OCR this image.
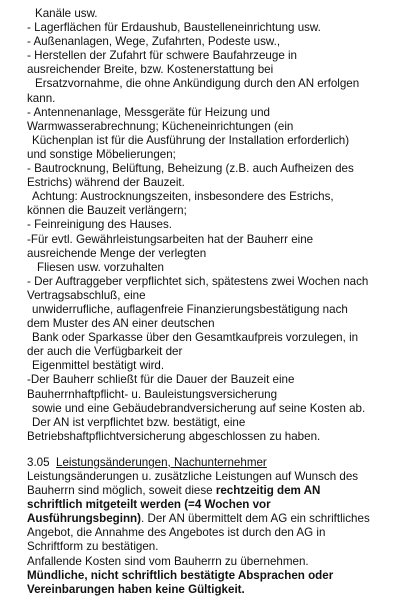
Kanäle usw.
- Lagerflächen für Erdaushub, Baustelleneinrichtung usw.
- Außenanlagen, Wege, Zufahrten, Podeste usw.,
- Herstellen der Zufahrt für schwere Baufahrzeuge in
ausreichender Breite, bzw. Kostenerstattung bei
Ersatzvornahme, die ohne Ankündigung durch den AN erfolgen
kann.
- Antennenanlage, Messgeräte für Heizung und
Warmwasserabrechnung; Kücheneinrichtungen (ein
Küchenplan ist für die Ausführung der Installation erforderlich)
und sonstige Möbelierungen;
- Bautrocknung, Belüftung, Beheizung (z.B. auch Aufheizen des
Estrichs) während der Bauzeit.
Achtung: Austrocknungszeiten, insbesondere des Estrichs,
können die Bauzeit verlängern;
- Feinreinigung des Hauses.
-Für evtl. Gewährleistungsarbeiten hat der Bauherr eine
ausreichende Menge der verlegten
Fliesen usw. vorzuhalten
- Der Auftraggeber verpflichtet sich, spätestens zwei Wochen nach
Vertragsabschluß, eine
unwiderrufliche, auflagenfreie Finanzierungsbestätigung nach
dem Muster des AN einer deutschen
Bank oder Sparkasse über den Gesamtkaufpreis vorzulegen, in
der auch die Verfügbarkeit der
Eigenmittel bestätigt wird.
-Der Bauherr schließt für die Dauer der Bauzeit eine
Bauherrnhaftpflicht- u. Bauleistungsversicherung
sowie und eine Gebäudebrandversicherung auf seine Kosten ab.
Der AN ist verpflichtet bzw. bestätigt, eine
Betriebshaftpflichtversicherung abgeschlossen zu haben.
3.05 Leistungsänderungen, Nachunternehmer
Leistungsänderungen u. zusätzliche Leistungen auf Wunsch des
Bauherrn sind möglich, soweit diese rechtzeitig dem AN
schriftlich mitgeteilt werden (=4 Wochen vor
Ausführungsbeginn). Der AN übermittelt dem AG ein schriftliches
Angebot, die Annahme des Angebotes ist durch den AG in
Schriftform zu bestätigen.
Anfallende Kosten sind vom Bauherrn zu übernehmen.
Mündliche, nicht schriftlich bestätigte Absprachen oder
Vereinbarungen haben keine Gültigkeit.
